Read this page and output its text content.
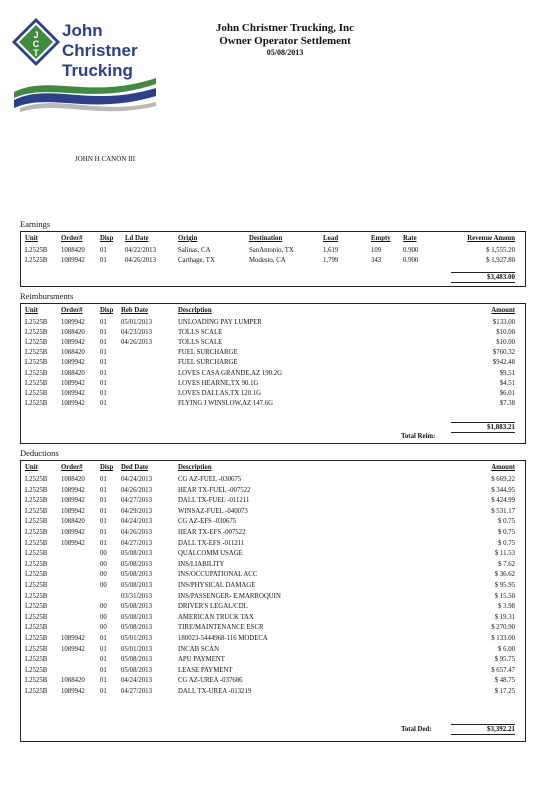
J
C
T
John
Christner
Trucking
John Christner Trucking, Inc
Owner Operator Settlement
05/08/2013
JOHN H CANON III
Earnings
Unit	Order#	Disp Ld Date	Origin	Destination	Load	Empty Rate	Revenue Amoun
L2525B 1088420 01	04/22/2013	Salinas, CA	SanAntonio, TX	1,619	109	0.900	$ 1,555.20
L2525B 1089942 01	04/26/2013	Carthage, TX	Modesto, CA	1,799	343	0.900	$ 1,927.80
$3,483.00
Reimbursments
Unit	Order#	Disp Reb Date	Description	Amount
L2525B 1089942 01 05/01/2013	UNLOADING PAY LUMPER	$133.00
L2525B 1088420 01 04/23/2013	TOLLS SCALE	$10.00
L2525B 1089942 01 04/26/2013	TOLLS SCALE	$10.00
L2525B 1088420 01	FUEL SURCHARGE	$760.32
L2525B 1089942 01	FUEL SURCHARGE	$942.48
L2525B 1088420 01	LOVES CASA GRANDE,AZ 190.2G	$9.51
L2525B 1089942 01	LOVES HEARNE,TX 90.1G	$4.51
L2525B 1089942 01	LOVES DALLAS,TX 120.1G	$6.01
L2525B 1089942 01	FLYING J WINSLOW,AZ 147.6G	$7.38
$1,883.21
Total Reim:
Deductions
Unit	Order#	Disp Ded Date	Description	Amount
L2525B 1088420 01 04/24/2013	CG AZ-FUEL -030675	$ 669.22
L2525B 1089942 01 04/26/2013	HEAR TX-FUEL -007522	$ 344.95
L2525B 1089942 01 04/27/2013	DALL TX-FUEL -011211	$ 424.99
L2525B 1089942 01 04/29/2013	WINSAZ-FUEL -040073	$ 531.17
L2525B 1088420 01 04/24/2013	CG AZ-EFS -030675	$ 0.75
L2525B 1089942 01 04/26/2013	HEAR TX-EFS -007522	$ 0.75
L2525B 1089942 01 04/27/2013	DALL TX-EFS -011211	$ 0.75
L2525B	00 05/08/2013	QUALCOMM USAGE	$ 11.53
L2525B	00 05/08/2013	INS/LIABILITY	$ 7.62
L2525B	00 05/08/2013	INS/OCCUPATIONAL ACC	$ 36.62
L2525B	00 05/08/2013	INS/PHYSICAL DAMAGE	$ 95.95
L2525B	03/31/2013	INS/PASSENGER- E.MARROQUIN	$ 15.50
L2525B	00 05/08/2013	DRIVER'S LEGAL/CDL	$ 3.98
L2525B	00 05/08/2013	AMERICAN TRUCK TAX	$ 19.31
L2525B	00 05/08/2013	TIRE/MAINTENANCE ESCR	$ 270.90
L2525B 1089942 01 05/01/2013	180023-5444968-116 MODECA	$ 133.00
L2525B 1089942 01 05/01/2013	INCAB SCAN	$ 6.00
L2525B	01 05/08/2013	APU PAYMENT	$ 95.75
L2525B	01 05/08/2013	LEASE PAYMENT	$ 657.47
L2525B 1088420 01 04/24/2013	CG AZ-UREA -037686	$ 48.75
L2525B 1089942 01 04/27/2013	DALL TX-UREA -013219	$ 17.25
$3,392.21
Total Ded:
